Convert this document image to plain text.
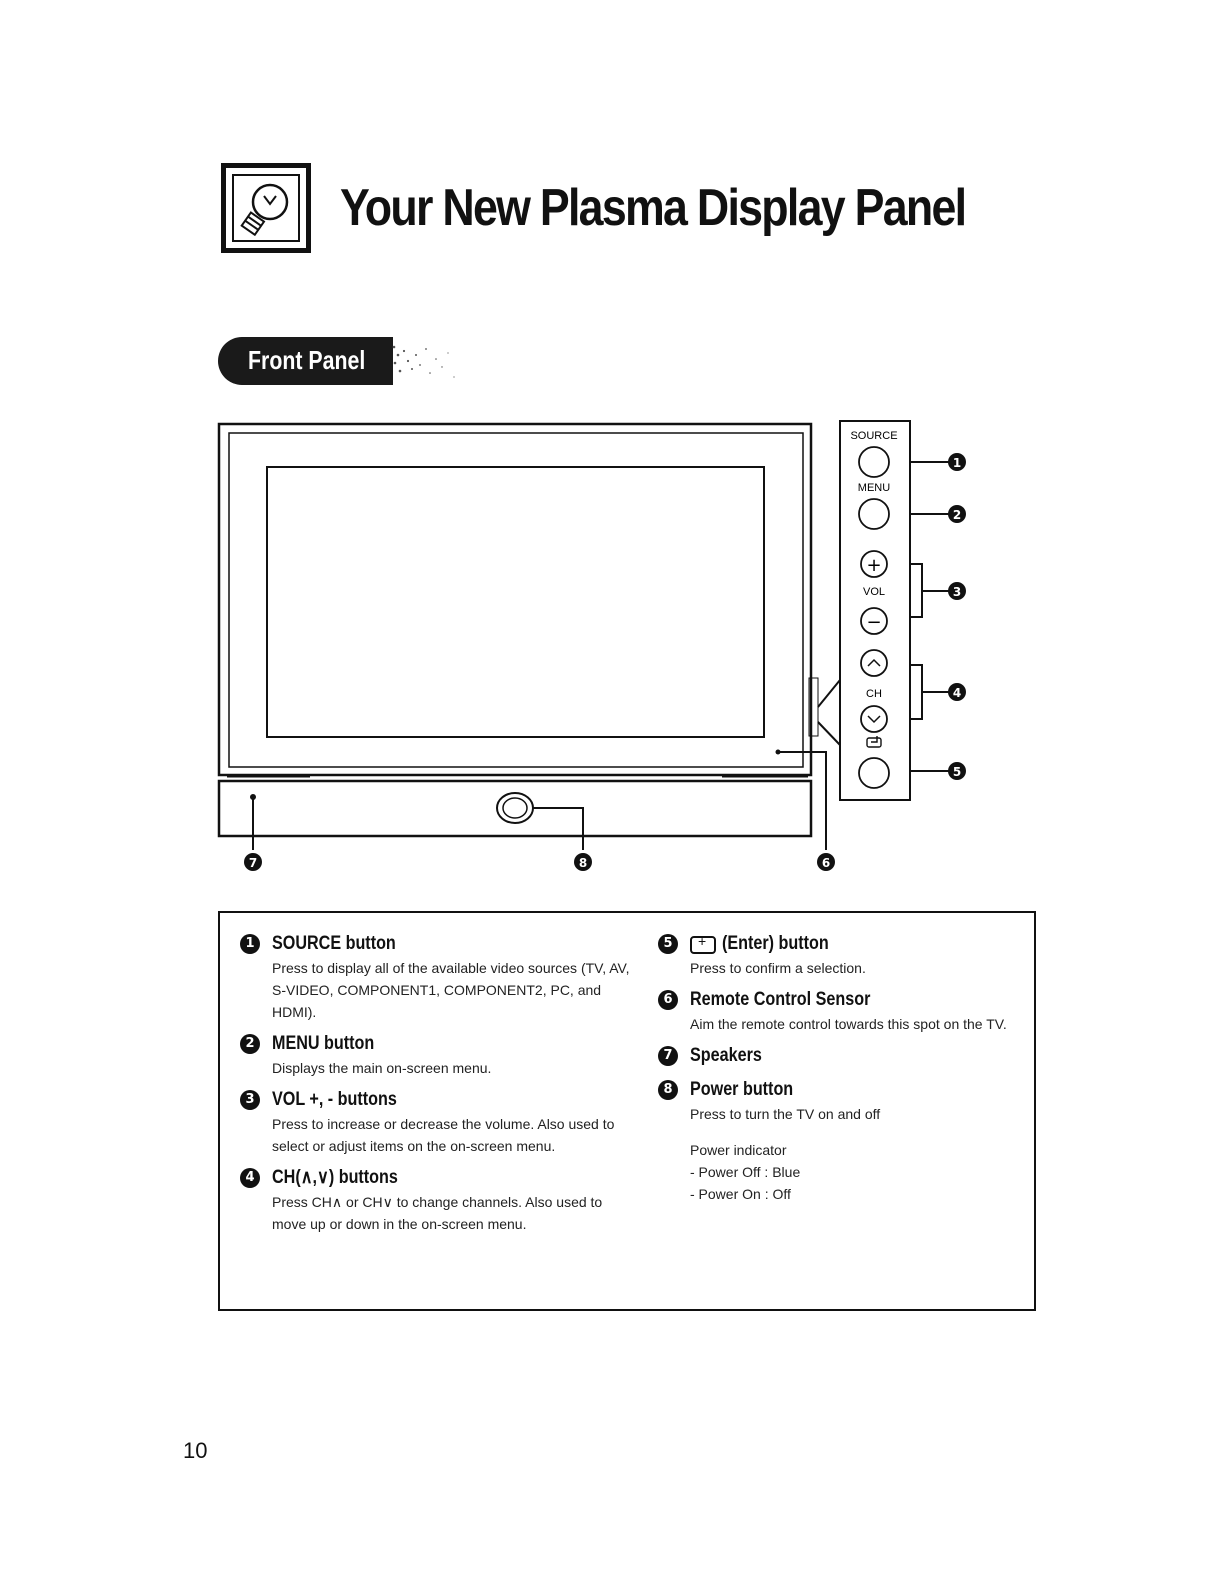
Your New Plasma Display Panel
Front Panel
SOURCE
MENU
+
VOL
−
CH
1
2
3
4
5
6
7	8
1 SOURCE button
Press to display all of the available video sources (TV, AV, S-VIDEO, COMPONENT1, COMPONENT2, PC, and HDMI).
2 MENU button
Displays the main on-screen menu.
3 VOL +, - buttons
Press to increase or decrease the volume. Also used to select or adjust items on the on-screen menu.
4 CH(∧,∨) buttons
Press CH∧ or CH∨ to change channels. Also used to move up or down in the on-screen menu.
5
+	(Enter) button
Press to confirm a selection.
6 Remote Control Sensor
Aim the remote control towards this spot on the TV.
7 Speakers
8 Power button
Press to turn the TV on and off
Power indicator
- Power Off : Blue
- Power On : Off
10
